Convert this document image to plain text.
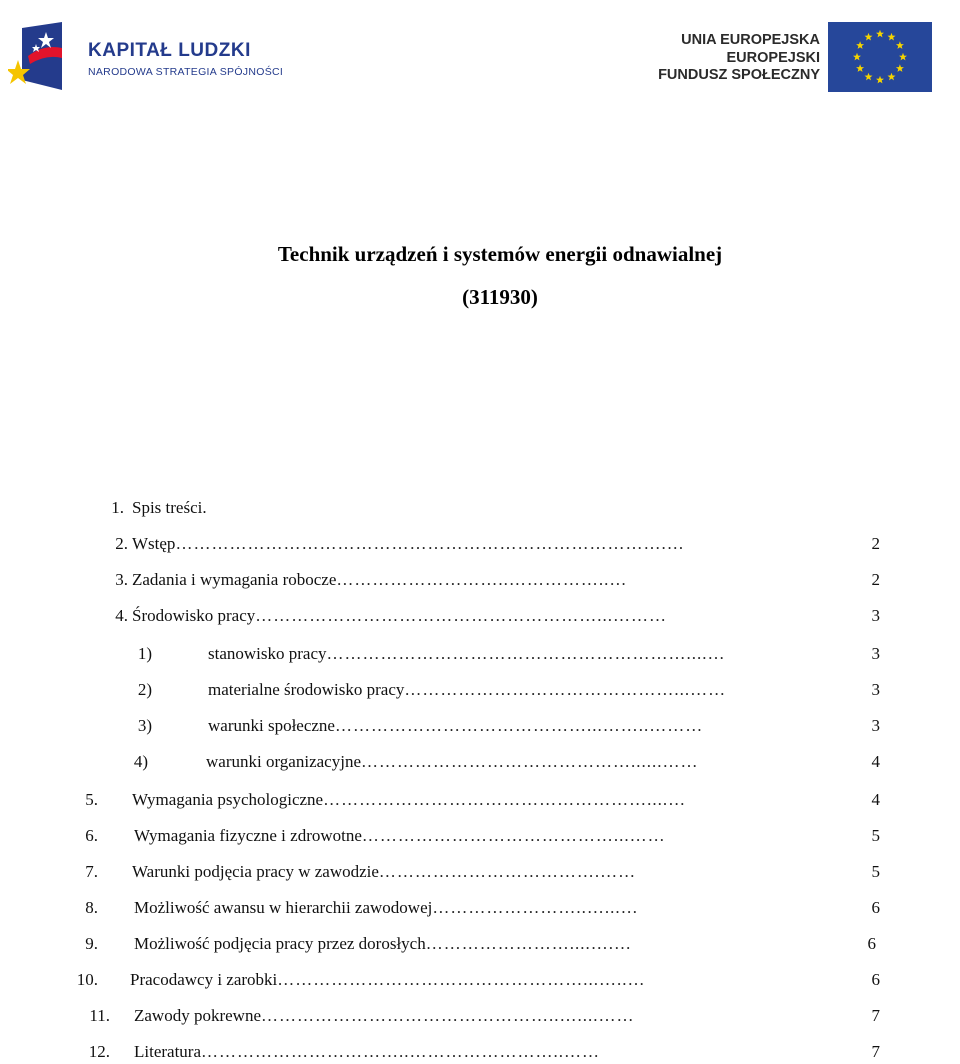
KAPITAŁ LUDZKI
NARODOWA STRATEGIA SPÓJNOŚCI
UNIA EUROPEJSKA
EUROPEJSKI
FUNDUSZ SPOŁECZNY
Technik urządzeń i systemów energii odnawialnej
(311930)
1. Spis treści.
2. Wstęp ……………………………………………………………………….…	2
3. Zadania i wymagania robocze ………………………..……………..…	2
4. Środowisko pracy …………………………………………………...………	3
1)	stanowisko pracy ……………………………………………………....…	3
2)	materialne środowisko pracy ………………………………………...……	3
3)	warunki społeczne ……………………………………...……..………	3
4)	warunki organizacyjne ………………………………………......……	4
5. Wymagania psychologiczne ………………………………………………....…	4
6. Wymagania fizyczne i zdrowotne ……………………………………...……	5
7. Warunki podjęcia pracy w zawodzie ……………………………….……	5
8. Możliwość awansu w hierarchii zawodowej ……………………..…...…	6
9. Możliwość podjęcia pracy przez dorosłych ……………………....….…	6
10. Pracodawcy i zarobki ……………………………………………...…..…	6
11. Zawody pokrewne …………………………………………..…....……	7
12. Literatura ……………………………..……………………..……	7
